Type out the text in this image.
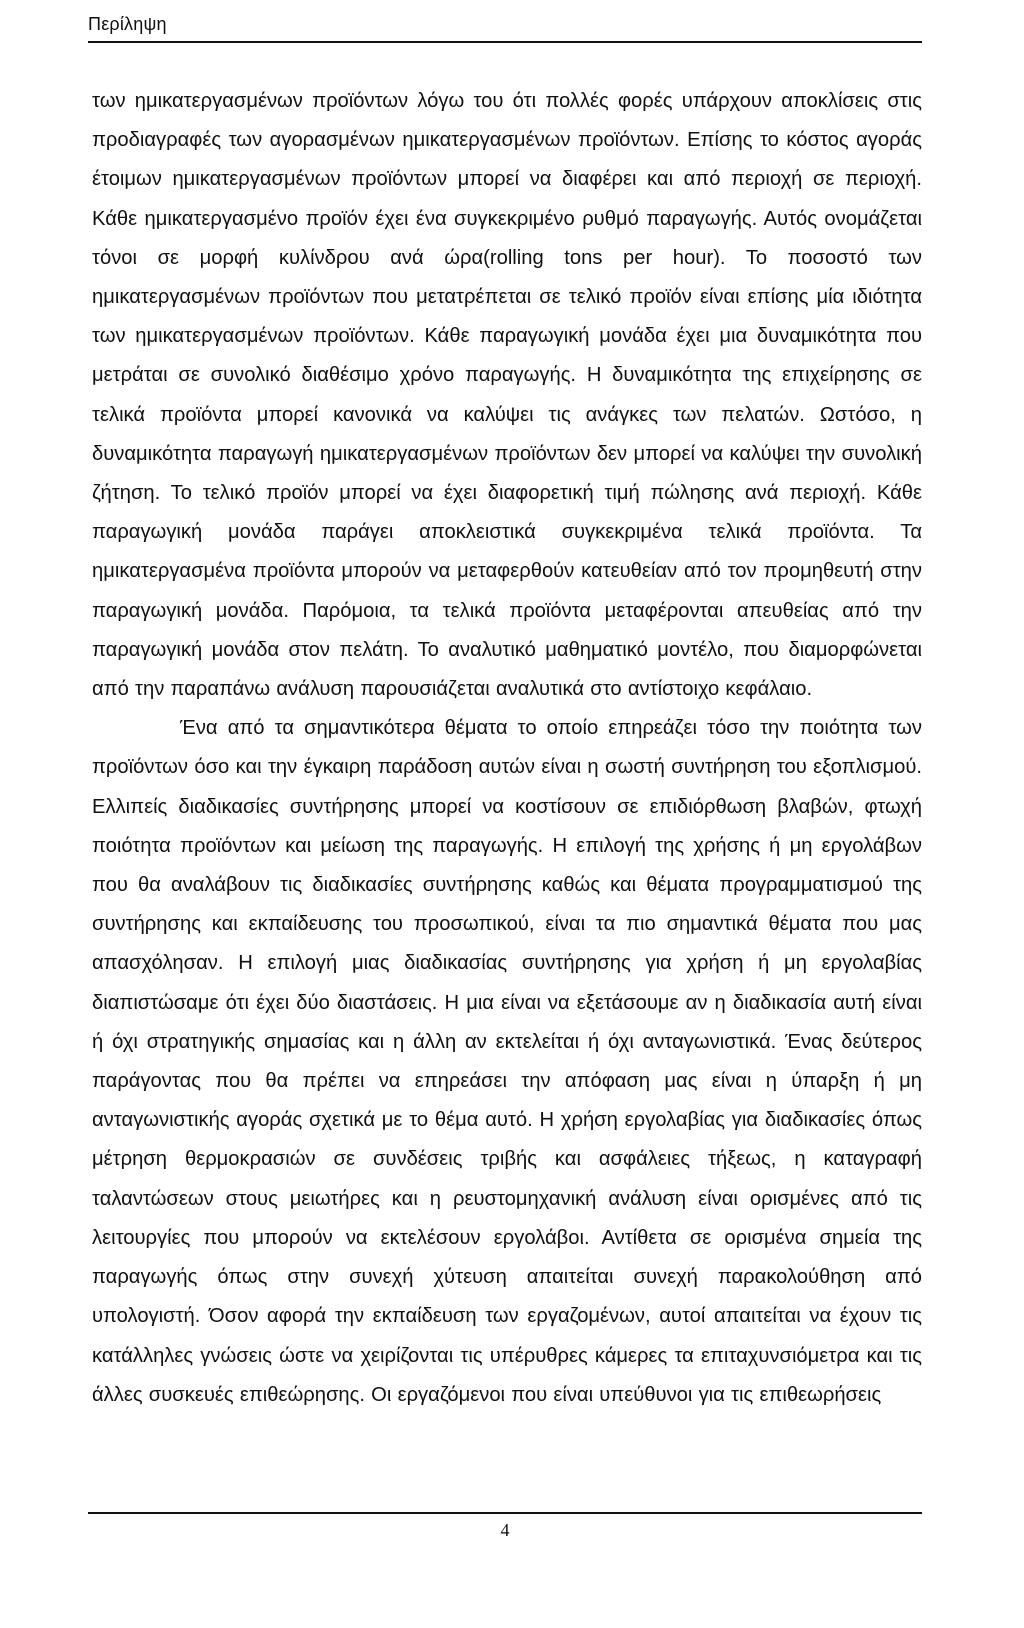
Περίληψη

των ημικατεργασμένων προϊόντων λόγω του ότι πολλές φορές υπάρχουν αποκλίσεις στις προδιαγραφές των αγορασμένων ημικατεργασμένων προϊόντων. Επίσης το κόστος αγοράς έτοιμων ημικατεργασμένων προϊόντων μπορεί να διαφέρει και από περιοχή σε περιοχή. Κάθε ημικατεργασμένο προϊόν έχει ένα συγκεκριμένο ρυθμό παραγωγής. Αυτός ονομάζεται τόνοι σε μορφή κυλίνδρου ανά ώρα(rolling tons per hour). Το ποσοστό των ημικατεργασμένων προϊόντων που μετατρέπεται σε τελικό προϊόν είναι επίσης μία ιδιότητα των ημικατεργασμένων προϊόντων. Κάθε παραγωγική μονάδα έχει μια δυναμικότητα που μετράται σε συνολικό διαθέσιμο χρόνο παραγωγής. Η δυναμικότητα της επιχείρησης σε τελικά προϊόντα μπορεί κανονικά να καλύψει τις ανάγκες των πελατών. Ωστόσο, η δυναμικότητα παραγωγή ημικατεργασμένων προϊόντων δεν μπορεί να καλύψει την συνολική ζήτηση. Το τελικό προϊόν μπορεί να έχει διαφορετική τιμή πώλησης ανά περιοχή. Κάθε παραγωγική μονάδα παράγει αποκλειστικά συγκεκριμένα τελικά προϊόντα. Τα ημικατεργασμένα προϊόντα μπορούν να μεταφερθούν κατευθείαν από τον προμηθευτή στην παραγωγική μονάδα. Παρόμοια, τα τελικά προϊόντα μεταφέρονται απευθείας από την παραγωγική μονάδα στον πελάτη. Το αναλυτικό μαθηματικό μοντέλο, που διαμορφώνεται από την παραπάνω ανάλυση παρουσιάζεται αναλυτικά στο αντίστοιχο κεφάλαιο.

Ένα από τα σημαντικότερα θέματα το οποίο επηρεάζει τόσο την ποιότητα των προϊόντων όσο και την έγκαιρη παράδοση αυτών είναι η σωστή συντήρηση του εξοπλισμού. Ελλιπείς διαδικασίες συντήρησης μπορεί να κοστίσουν σε επιδιόρθωση βλαβών, φτωχή ποιότητα προϊόντων και μείωση της παραγωγής. Η επιλογή της χρήσης ή μη εργολάβων που θα αναλάβουν τις διαδικασίες συντήρησης καθώς και θέματα προγραμματισμού της συντήρησης και εκπαίδευσης του προσωπικού, είναι τα πιο σημαντικά θέματα που μας απασχόλησαν. Η επιλογή μιας διαδικασίας συντήρησης για χρήση ή μη εργολαβίας διαπιστώσαμε ότι έχει δύο διαστάσεις. Η μια είναι να εξετάσουμε αν η διαδικασία αυτή είναι ή όχι στρατηγικής σημασίας και η άλλη αν εκτελείται ή όχι ανταγωνιστικά. Ένας δεύτερος παράγοντας που θα πρέπει να επηρεάσει την απόφαση μας είναι η ύπαρξη ή μη ανταγωνιστικής αγοράς σχετικά με το θέμα αυτό. Η χρήση εργολαβίας για διαδικασίες όπως μέτρηση θερμοκρασιών σε συνδέσεις τριβής και ασφάλειες τήξεως, η καταγραφή ταλαντώσεων στους μειωτήρες και η ρευστομηχανική ανάλυση είναι ορισμένες από τις λειτουργίες που μπορούν να εκτελέσουν εργολάβοι. Αντίθετα σε ορισμένα σημεία της παραγωγής όπως στην συνεχή χύτευση απαιτείται συνεχή παρακολούθηση από υπολογιστή. Όσον αφορά την εκπαίδευση των εργαζομένων, αυτοί απαιτείται να έχουν τις κατάλληλες γνώσεις ώστε να χειρίζονται τις υπέρυθρες κάμερες τα επιταχυνσιόμετρα και τις άλλες συσκευές επιθεώρησης. Οι εργαζόμενοι που είναι υπεύθυνοι για τις επιθεωρήσεις

4
